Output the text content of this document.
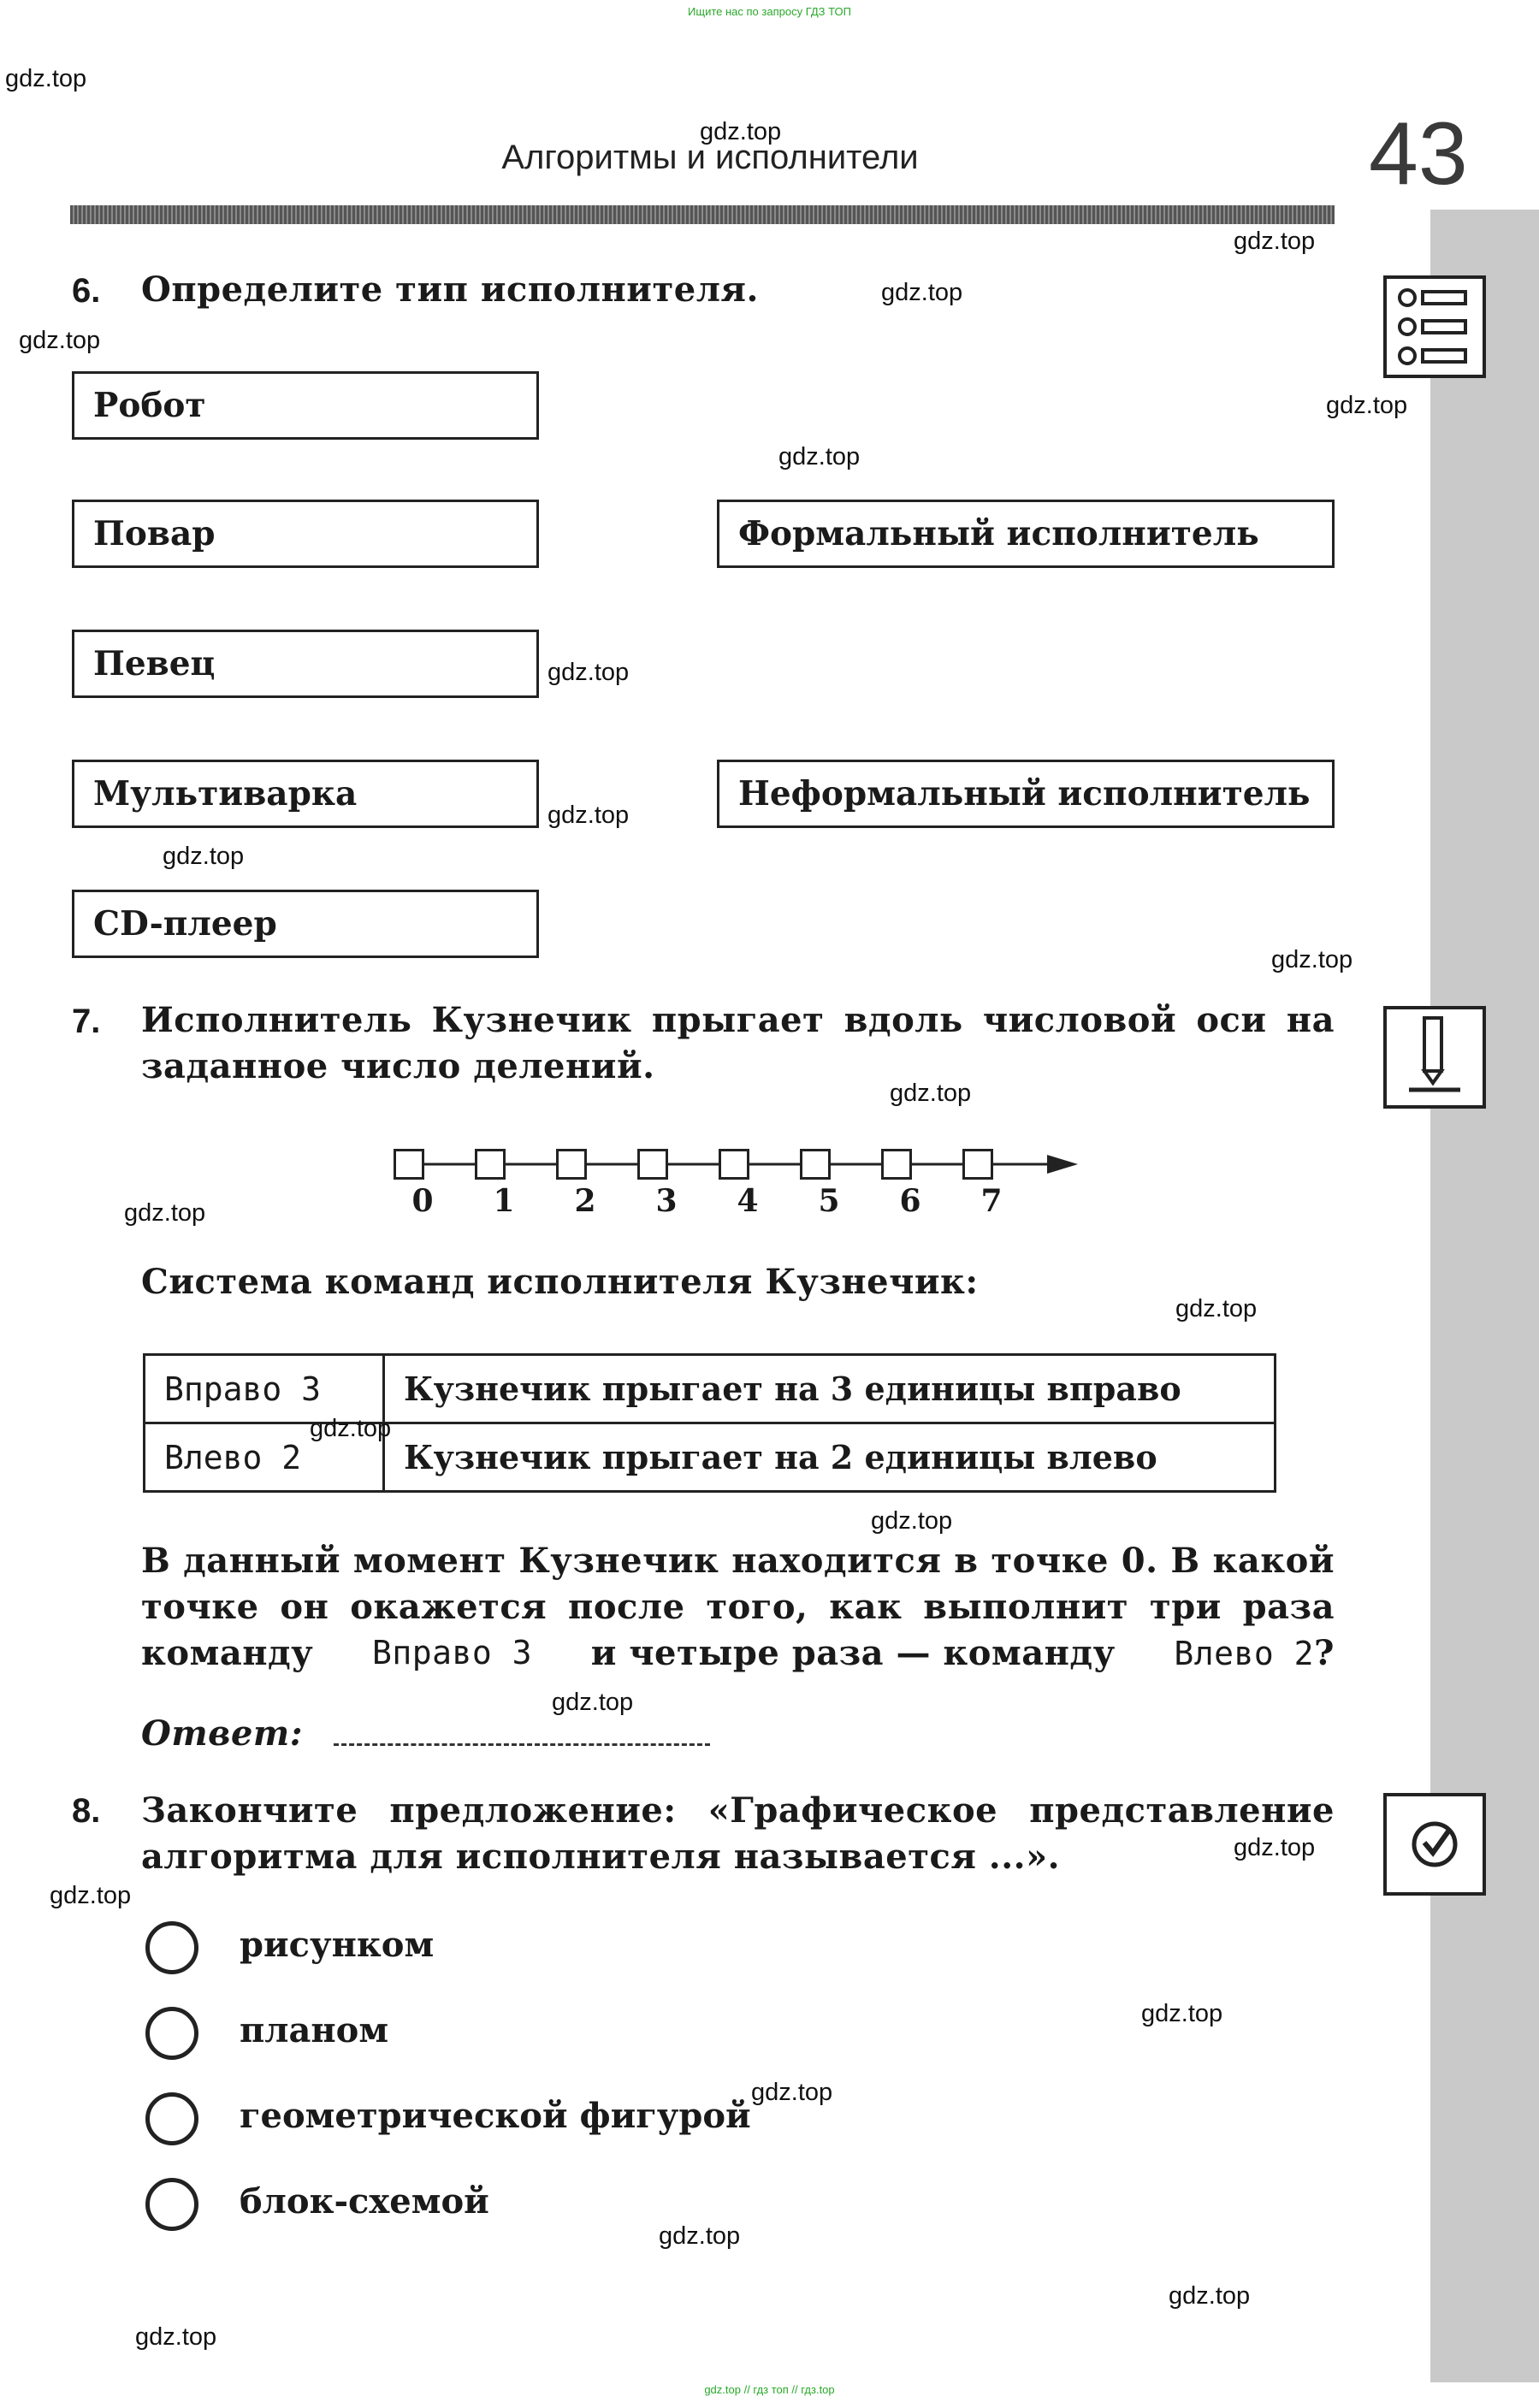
Ищите нас по запросу ГДЗ ТОП
gdz.top // гдз топ // гдз.top
Алгоритмы и исполнители	43
6. Определите тип исполнителя.
Робот
Повар
Певец
Мультиварка
CD-плеер
Формальный исполнитель
Неформальный исполнитель
7. Исполнитель Кузнечик прыгает вдоль числовой оси на
заданное число делений.
0 1 2 3 4 5 6 7
Система команд исполнителя Кузнечик:
Вправо 3	Кузнечик прыгает на 3 единицы вправо
Влево 2	Кузнечик прыгает на 2 единицы влево
В данный момент Кузнечик находится в точке 0. В какой
точке он окажется после того, как выполнит три раза
команду Вправо 3 и четыре раза — команду Влево 2?
Ответ:
8. Закончите предложение: «Графическое представление
алгоритма для исполнителя называется ...».
рисунком
планом
геометрической фигурой
блок-схемой
gdz.top
gdz.top
gdz.top
gdz.top
gdz.top
gdz.top
gdz.top
gdz.top
gdz.top
gdz.top
gdz.top
gdz.top
gdz.top
gdz.top
gdz.top
gdz.top
gdz.top
gdz.top
gdz.top
gdz.top
gdz.top
gdz.top
gdz.top
gdz.top
